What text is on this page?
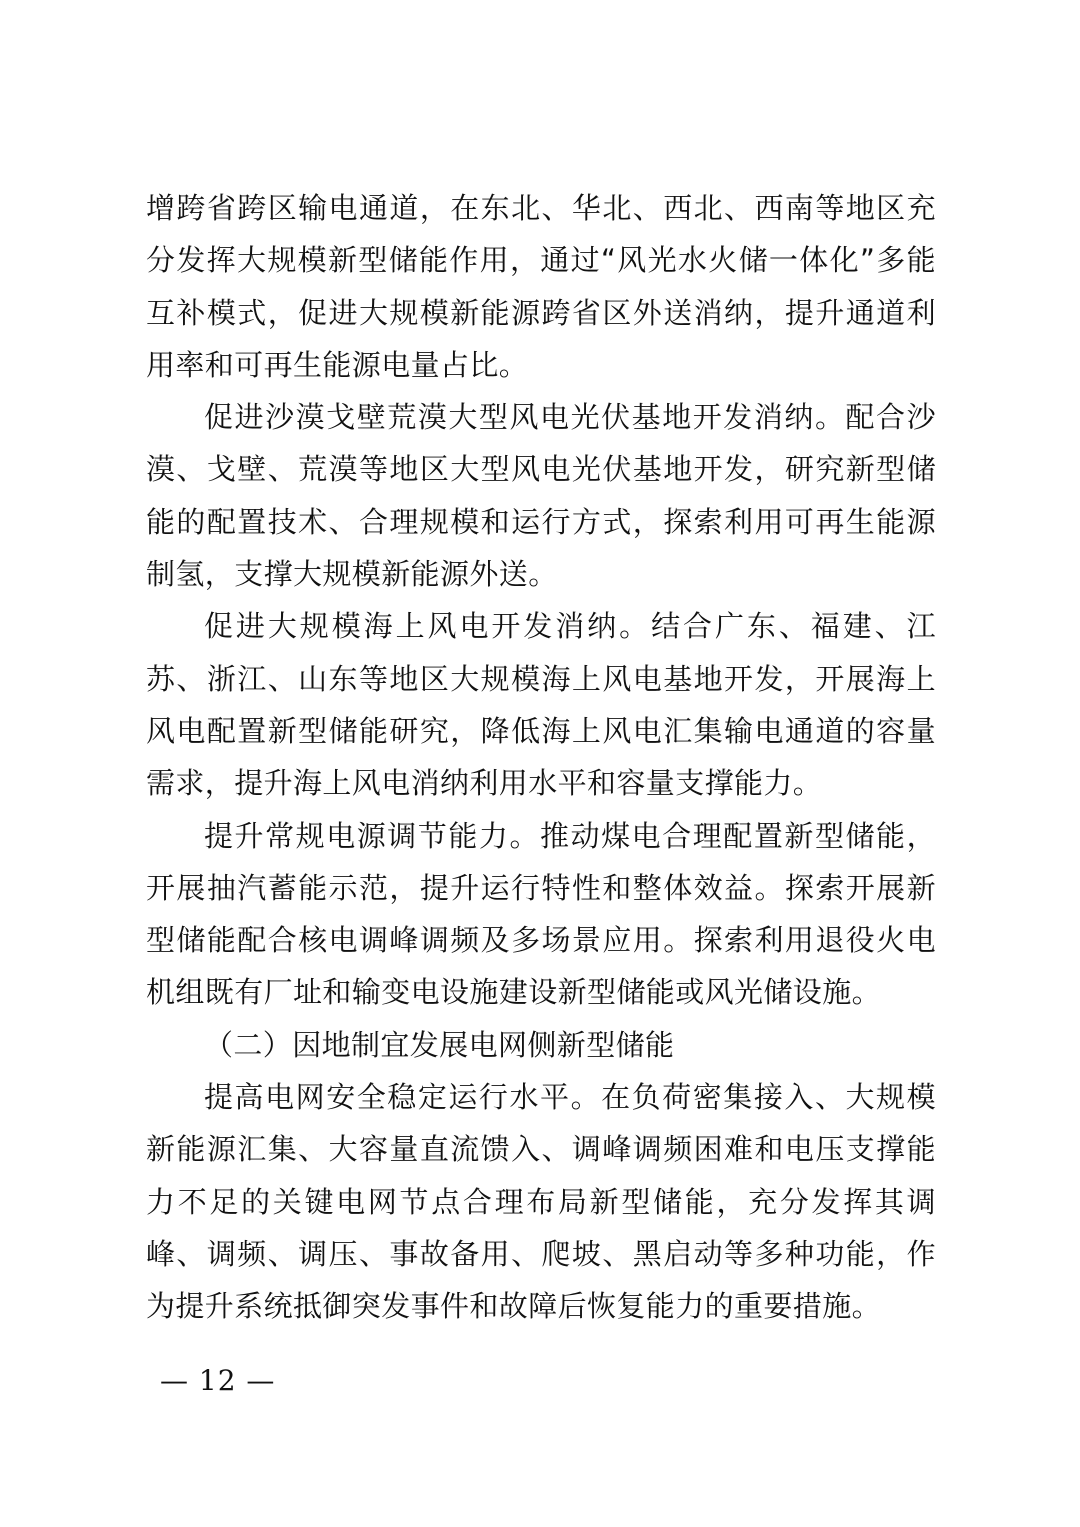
增跨省跨区输电通道，在东北、华北、西北、西南等地区充分发挥大规模新型储能作用，通过“风光水火储一体化”多能互补模式，促进大规模新能源跨省区外送消纳，提升通道利用率和可再生能源电量占比。

促进沙漠戈壁荒漠大型风电光伏基地开发消纳。配合沙漠、戈壁、荒漠等地区大型风电光伏基地开发，研究新型储能的配置技术、合理规模和运行方式，探索利用可再生能源制氢，支撑大规模新能源外送。

促进大规模海上风电开发消纳。结合广东、福建、江苏、浙江、山东等地区大规模海上风电基地开发，开展海上风电配置新型储能研究，降低海上风电汇集输电通道的容量需求，提升海上风电消纳利用水平和容量支撑能力。

提升常规电源调节能力。推动煤电合理配置新型储能，开展抽汽蓄能示范，提升运行特性和整体效益。探索开展新型储能配合核电调峰调频及多场景应用。探索利用退役火电机组既有厂址和输变电设施建设新型储能或风光储设施。

（二）因地制宜发展电网侧新型储能

提高电网安全稳定运行水平。在负荷密集接入、大规模新能源汇集、大容量直流馈入、调峰调频困难和电压支撑能力不足的关键电网节点合理布局新型储能，充分发挥其调峰、调频、调压、事故备用、爬坡、黑启动等多种功能，作为提升系统抵御突发事件和故障后恢复能力的重要措施。

— 12 —
